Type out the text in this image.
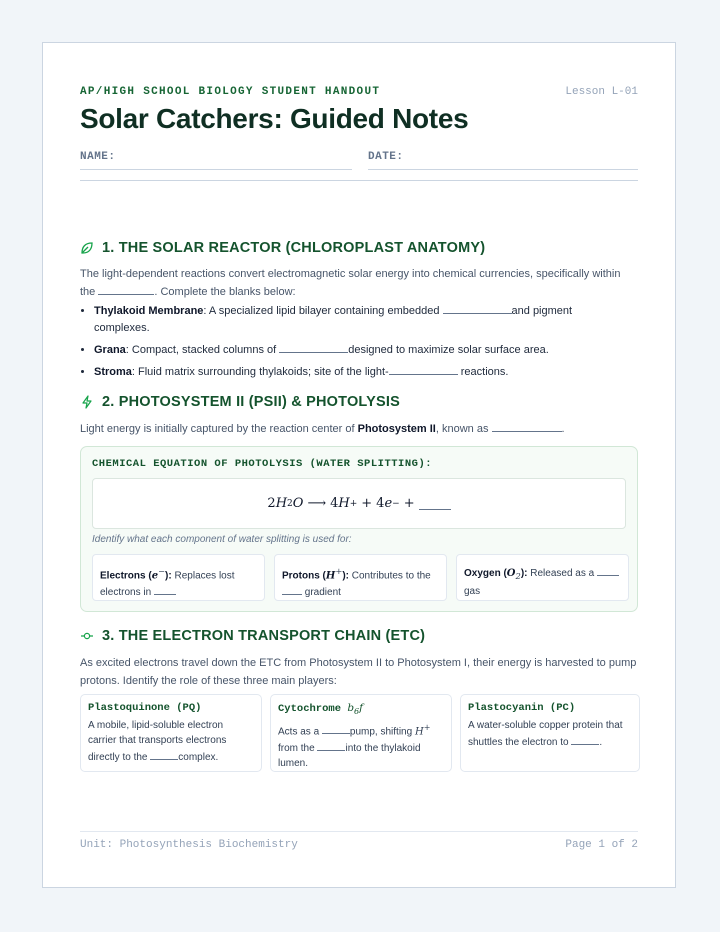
AP/HIGH SCHOOL BIOLOGY STUDENT HANDOUT	Lesson L-01
Solar Catchers: Guided Notes
NAME:	DATE:
1. THE SOLAR REACTOR (CHLOROPLAST ANATOMY)

The light-dependent reactions convert electromagnetic solar energy into chemical currencies, specifically within the	. Complete the blanks below:

• Thylakoid Membrane: A specialized lipid bilayer containing embedded	and pigment complexes.
• Grana: Compact, stacked columns of	designed to maximize solar surface area.
• Stroma: Fluid matrix surrounding thylakoids; site of the light-	reactions.
2. PHOTOSYSTEM II (PSII) & PHOTOLYSIS

Light energy is initially captured by the reaction center of Photosystem II, known as	.

CHEMICAL EQUATION OF PHOTOLYSIS (WATER SPLITTING):
2 H 2 O ⟶ 4 H + + 4 e − +
Identify what each component of water splitting is used for:
Electrons (e−): Replaces lost electrons in
Protons (H+): Contributes to the  gradient
Oxygen $(O_2)$: Released as a  gas
3. THE ELECTRON TRANSPORT CHAIN (ETC)

As excited electrons travel down the ETC from Photosystem II to Photosystem I, their energy is harvested to pump protons. Identify the role of these three main players:

Plastoquinone (PQ)
A mobile, lipid-soluble electron carrier that transports electrons directly to the	complex.
Cytochrome $b_6f$
Acts as a	pump, shifting H+ from the	into the thylakoid lumen.
Plastocyanin (PC)
A water-soluble copper protein that shuttles the electron to	.
Unit: Photosynthesis Biochemistry	Page 1 of 2
